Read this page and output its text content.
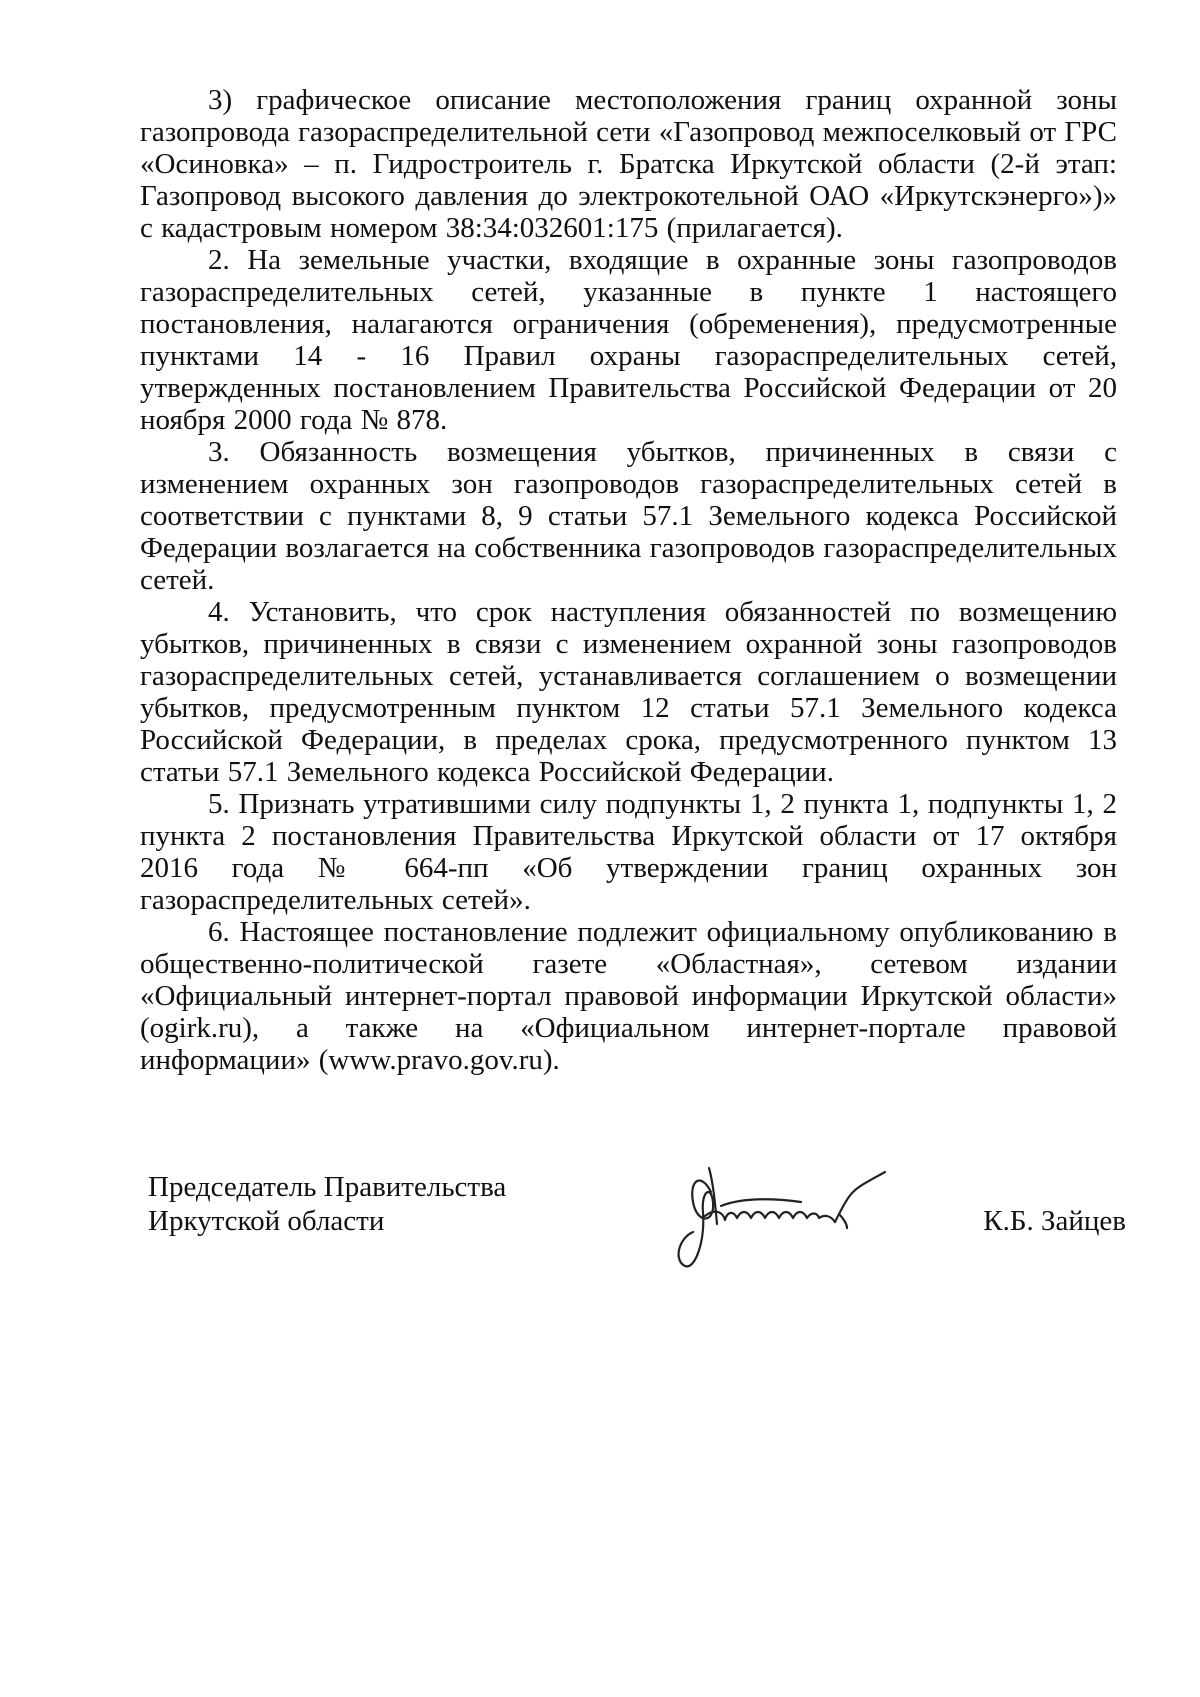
3) графическое описание местоположения границ охранной зоны газопровода газораспределительной сети «Газопровод межпоселковый от ГРС «Осиновка» – п. Гидростроитель г. Братска Иркутской области (2-й этап: Газопровод высокого давления до электрокотельной ОАО «Иркутскэнерго»)» с кадастровым номером 38:34:032601:175 (прилагается).

2. На земельные участки, входящие в охранные зоны газопроводов газораспределительных сетей, указанные в пункте 1 настоящего постановления, налагаются ограничения (обременения), предусмотренные пунктами 14 - 16 Правил охраны газораспределительных сетей, утвержденных постановлением Правительства Российской Федерации от 20 ноября 2000 года № 878.

3. Обязанность возмещения убытков, причиненных в связи с изменением охранных зон газопроводов газораспределительных сетей в соответствии с пунктами 8, 9 статьи 57.1 Земельного кодекса Российской Федерации возлагается на собственника газопроводов газораспределительных сетей.

4. Установить, что срок наступления обязанностей по возмещению убытков, причиненных в связи с изменением охранной зоны газопроводов газораспределительных сетей, устанавливается соглашением о возмещении убытков, предусмотренным пунктом 12 статьи 57.1 Земельного кодекса Российской Федерации, в пределах срока, предусмотренного пунктом 13 статьи 57.1 Земельного кодекса Российской Федерации.

5. Признать утратившими силу подпункты 1, 2 пункта 1, подпункты 1, 2 пункта 2 постановления Правительства Иркутской области от 17 октября 2016 года № 664-пп «Об утверждении границ охранных зон газораспределительных сетей».

6. Настоящее постановление подлежит официальному опубликованию в общественно-политической газете «Областная», сетевом издании «Официальный интернет-портал правовой информации Иркутской области» (ogirk.ru), а также на «Официальном интернет-портале правовой информации» (www.pravo.gov.ru).

Председатель Правительства
Иркутской области	К.Б. Зайцев
